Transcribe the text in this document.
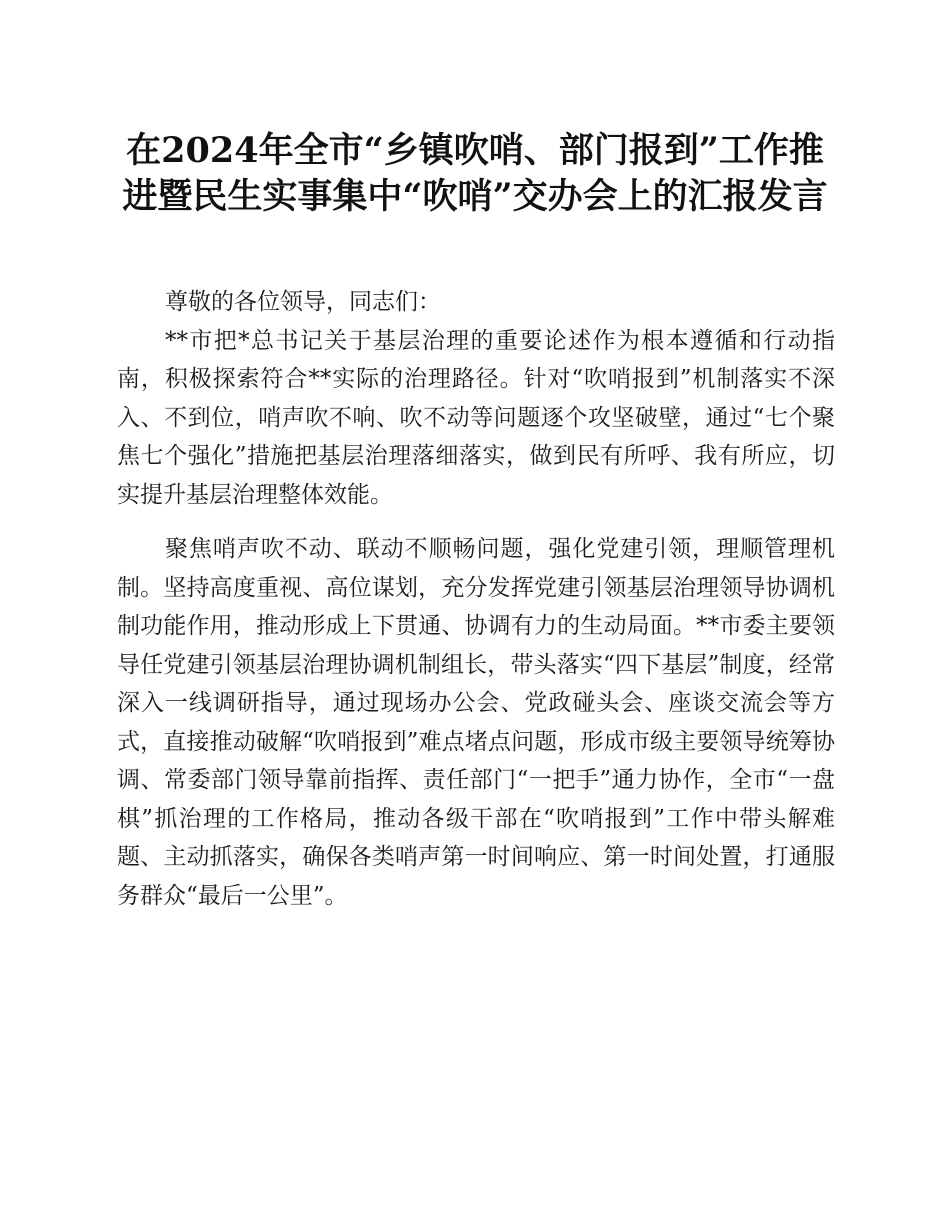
在2024年全市“乡镇吹哨、部门报到”工作推进暨民生实事集中“吹哨”交办会上的汇报发言

尊敬的各位领导，同志们：

**市把*总书记关于基层治理的重要论述作为根本遵循和行动指南，积极探索符合**实际的治理路径。针对“吹哨报到”机制落实不深入、不到位，哨声吹不响、吹不动等问题逐个攻坚破壁，通过“七个聚焦七个强化”措施把基层治理落细落实，做到民有所呼、我有所应，切实提升基层治理整体效能。

聚焦哨声吹不动、联动不顺畅问题，强化党建引领，理顺管理机制。坚持高度重视、高位谋划，充分发挥党建引领基层治理领导协调机制功能作用，推动形成上下贯通、协调有力的生动局面。**市委主要领导任党建引领基层治理协调机制组长，带头落实“四下基层”制度，经常深入一线调研指导，通过现场办公会、党政碰头会、座谈交流会等方式，直接推动破解“吹哨报到”难点堵点问题，形成市级主要领导统筹协调、常委部门领导靠前指挥、责任部门“一把手”通力协作，全市“一盘棋”抓治理的工作格局，推动各级干部在“吹哨报到”工作中带头解难题、主动抓落实，确保各类哨声第一时间响应、第一时间处置，打通服务群众“最后一公里”。
